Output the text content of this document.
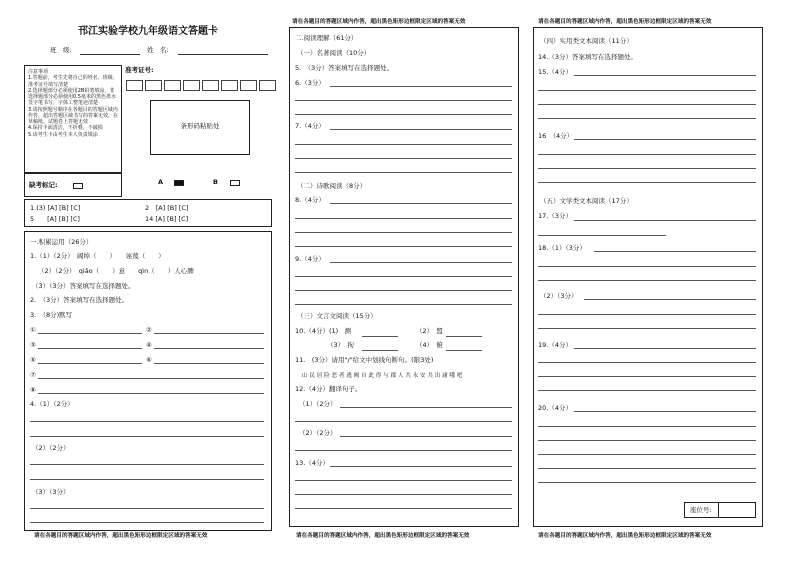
邗江实验学校九年级语文答题卡
班　级:	姓　名:
注意事项
1.答题前，考生先将自己的姓名、班级、准考证号填写清楚
2.选择题部分必须使用2B铅笔填涂，非选择题部分必须使用0.5毫米的黑色墨水签字笔书写，字体工整笔迹清楚
3.请按照题号顺序在各题目的答题区域内作答，超出答题区域书写的答案无效，在草稿纸、试题卷上答题无效
4.保持卡面清洁，不折叠，不破损
5.该考生卡由考生本人负责填涂
准考证号:
条形码粘贴处
缺考标记:	A	B
1.(3) [A] [B] [C]	2　 [A] [B] [C]
5　　 [A] [B] [C]	14 [A] [B] [C]
一.积累运用（26分）
1.（1）（2分）　阔绰（　　）　　诬蔑（　　）
（2）（2分）　qiǎo（　　）意　　qìn（　　）人心脾
（3）（3分）答案填写在选择题处。
2.　（3分）答案填写在选择题处。
3.　（8分)默写
①	②
③	④
⑤	⑥
⑦
⑧
4.（1）（2分）
（2）（2分）
（3）（3分）
请在各题目的答题区域内作答，超出黑色矩形边框限定区域的答案无效
请在各题目的答题区域内作答，超出黑色矩形边框限定区域的答案无效
二.阅读理解（61分）
（一）名著阅读（10分）
5.　（3分）答案填写在选择题处。
6.（3分）
7.（4分）
（二）诗歌阅读（8分）
8.（4分）
9.（4分）
（三）文言文阅读（15分）
10.（4分）(1)　测	（2）　盟
（3）　拘	（4）　俯
11.　(3分）请用"/"给文中划线句断句。(限3处)
山 民 居 险 恶 者 逃 阙 自 此 得 与 郡 人 共 永 安 共 出 庸 哦 吧
12.（4分）翻译句子。
（1）（2分）
（2）（2分）
13.（4分）
请在各题目的答题区域内作答，超出黑色矩形边框限定区域的答案无效
请在各题目的答题区域内作答，超出黑色矩形边框限定区域的答案无效
（四）实用类文本阅读（11分）
14.（3分）答案填写在选择题处。
15.（4分）
16　（4分）
（五）文学类文本阅读（17分）
17.（3分）
18.（1）（3分）
（2）（3分）
19.（4分）
20.（4分）
座位号:
请在各题目的答题区域内作答，超出黑色矩形边框限定区域的答案无效
